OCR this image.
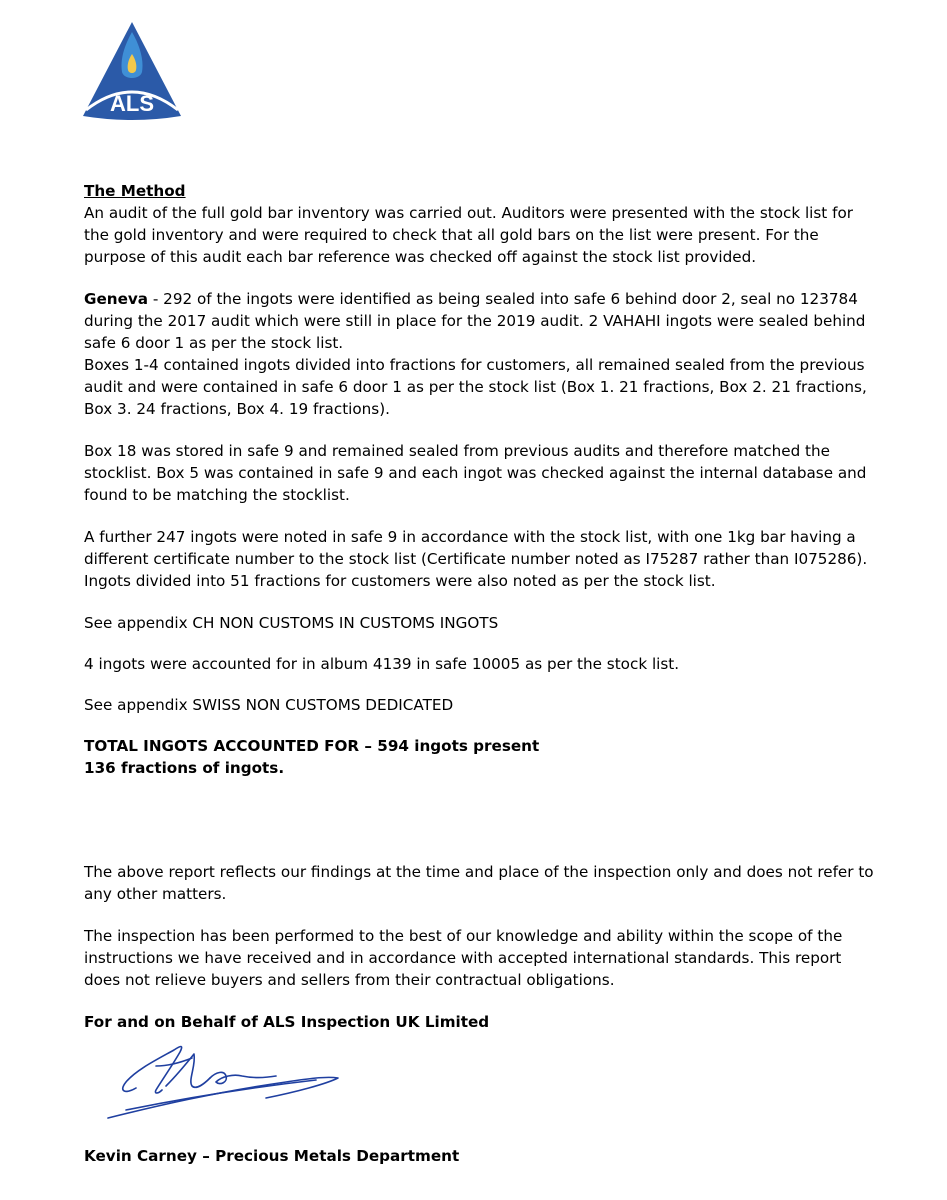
ALS

The Method

An audit of the full gold bar inventory was carried out. Auditors were presented with the stock list for the gold inventory and were required to check that all gold bars on the list were present. For the purpose of this audit each bar reference was checked off against the stock list provided.

Geneva - 292 of the ingots were identified as being sealed into safe 6 behind door 2, seal no 123784 during the 2017 audit which were still in place for the 2019 audit. 2 VAHAHI ingots were sealed behind safe 6 door 1 as per the stock list.

Boxes 1-4 contained ingots divided into fractions for customers, all remained sealed from the previous audit and were contained in safe 6 door 1 as per the stock list (Box 1. 21 fractions, Box 2. 21 fractions, Box 3. 24 fractions, Box 4. 19 fractions).

Box 18 was stored in safe 9 and remained sealed from previous audits and therefore matched the stocklist. Box 5 was contained in safe 9 and each ingot was checked against the internal database and found to be matching the stocklist.

A further 247 ingots were noted in safe 9 in accordance with the stock list, with one 1kg bar having a different certificate number to the stock list (Certificate number noted as I75287 rather than I075286). Ingots divided into 51 fractions for customers were also noted as per the stock list.

See appendix CH NON CUSTOMS IN CUSTOMS INGOTS

4 ingots were accounted for in album 4139 in safe 10005 as per the stock list.

See appendix SWISS NON CUSTOMS DEDICATED

TOTAL INGOTS ACCOUNTED FOR – 594 ingots present

136 fractions of ingots.

The above report reflects our findings at the time and place of the inspection only and does not refer to any other matters.

The inspection has been performed to the best of our knowledge and ability within the scope of the instructions we have received and in accordance with accepted international standards. This report does not relieve buyers and sellers from their contractual obligations.

For and on Behalf of ALS Inspection UK Limited

Kevin Carney – Precious Metals Department
